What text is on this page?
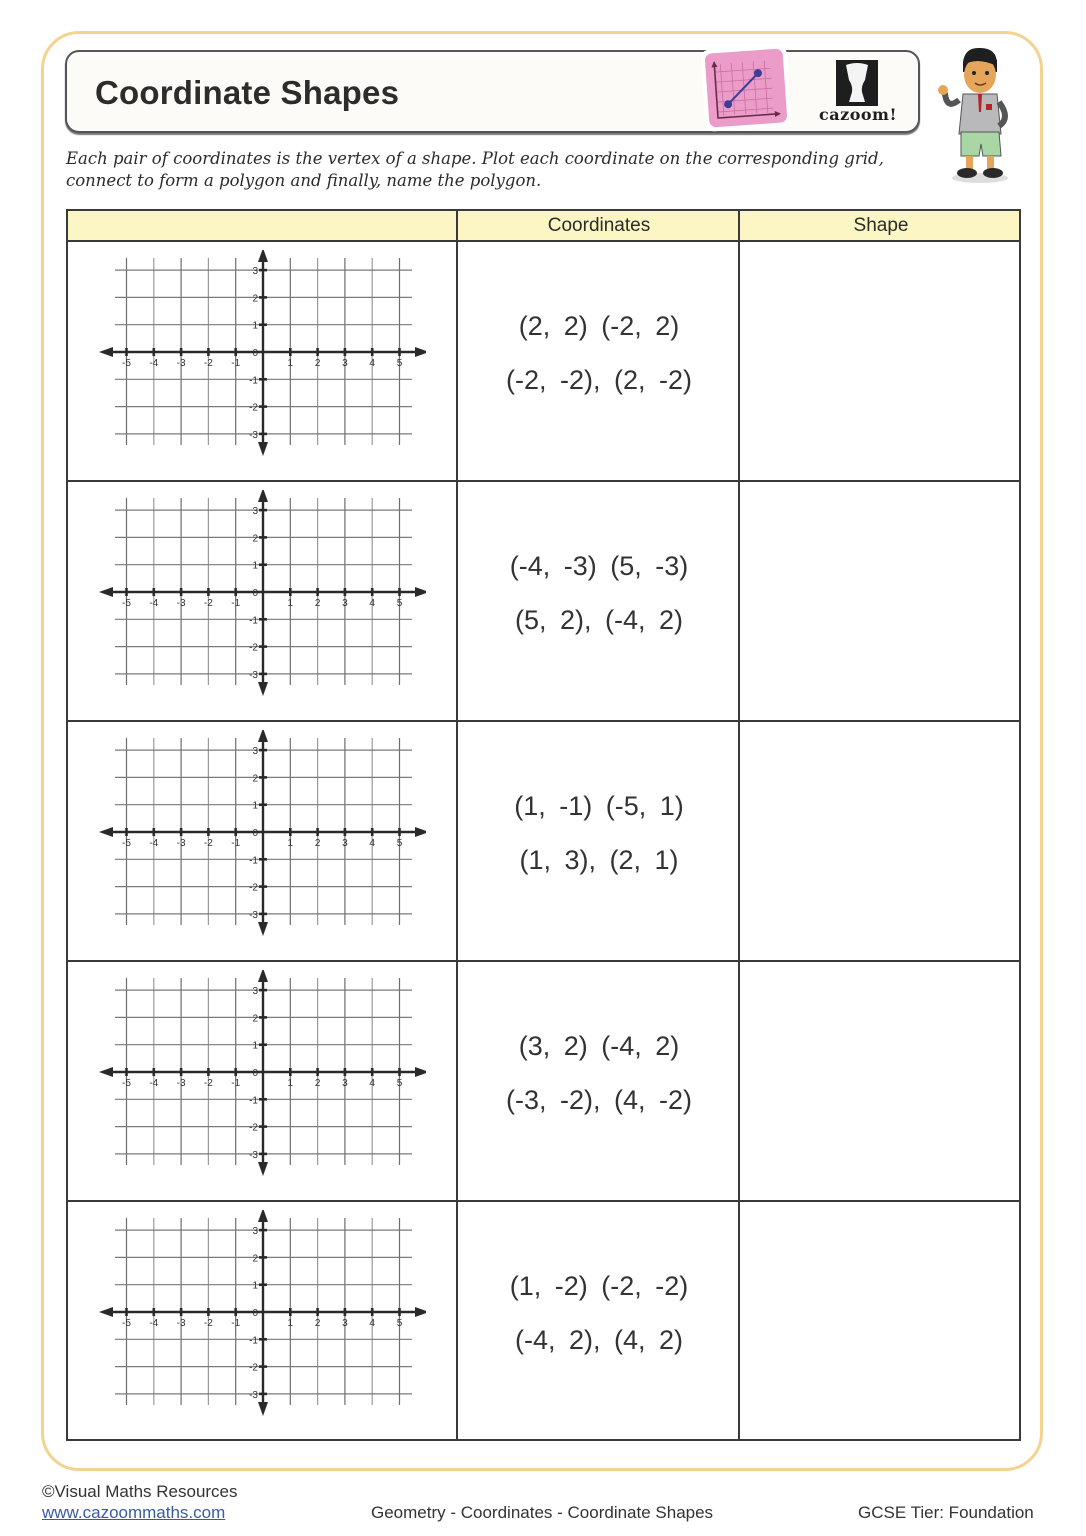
Coordinate Shapes
cazoom!
Each pair of coordinates is the vertex of a shape. Plot each coordinate on the corresponding grid,
connect to form a polygon and finally, name the polygon.
Coordinates	Shape
-5 -4 -3 -2 -1	1 2 3 4 5
3
2
1
0
-1
-2
-3
(2, 2) (-2, 2)
(-2, -2), (2, -2)
-5 -4 -3 -2 -1	1 2 3 4 5
3
2
1
0
-1
-2
-3
(-4, -3) (5, -3)
(5, 2), (-4, 2)
-5 -4 -3 -2 -1	1 2 3 4 5
3
2
1
0
-1
-2
-3
(1, -1) (-5, 1)
(1, 3), (2, 1)
-5 -4 -3 -2 -1	1 2 3 4 5
3
2
1
0
-1
-2
-3
(3, 2) (-4, 2)
(-3, -2), (4, -2)
-5 -4 -3 -2 -1	1 2 3 4 5
3
2
1
0
-1
-2
-3
(1, -2) (-2, -2)
(-4, 2), (4, 2)
©Visual Maths Resources
www.cazoommaths.com	Geometry - Coordinates - Coordinate Shapes	GCSE Tier: Foundation
